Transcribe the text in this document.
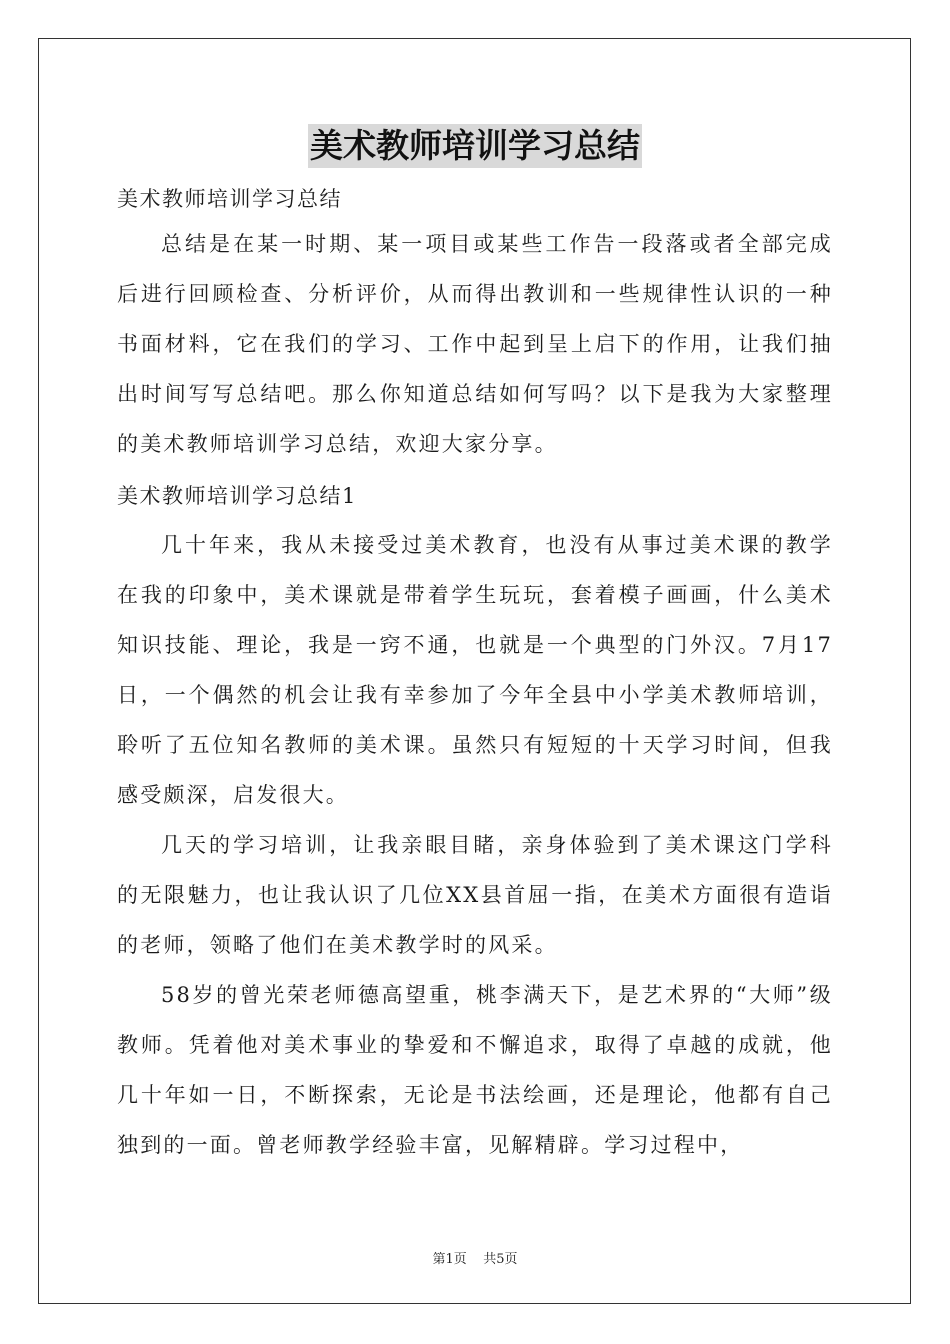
美术教师培训学习总结

美术教师培训学习总结

总结是在某一时期、某一项目或某些工作告一段落或者全部完成后进行回顾检查、分析评价，从而得出教训和一些规律性认识的一种书面材料，它在我们的学习、工作中起到呈上启下的作用，让我们抽出时间写写总结吧。那么你知道总结如何写吗？以下是我为大家整理的美术教师培训学习总结，欢迎大家分享。

美术教师培训学习总结1

几十年来，我从未接受过美术教育，也没有从事过美术课的教学在我的印象中，美术课就是带着学生玩玩，套着模子画画，什么美术知识技能、理论，我是一窍不通，也就是一个典型的门外汉。7月17日，一个偶然的机会让我有幸参加了今年全县中小学美术教师培训，聆听了五位知名教师的美术课。虽然只有短短的十天学习时间，但我感受颇深，启发很大。

几天的学习培训，让我亲眼目睹，亲身体验到了美术课这门学科的无限魅力，也让我认识了几位XX县首屈一指，在美术方面很有造诣的老师，领略了他们在美术教学时的风采。

58岁的曾光荣老师德高望重，桃李满天下，是艺术界的“大师”级教师。凭着他对美术事业的挚爱和不懈追求，取得了卓越的成就，他几十年如一日，不断探索，无论是书法绘画，还是理论，他都有自己独到的一面。曾老师教学经验丰富，见解精辟。学习过程中，

第1页 共5页
